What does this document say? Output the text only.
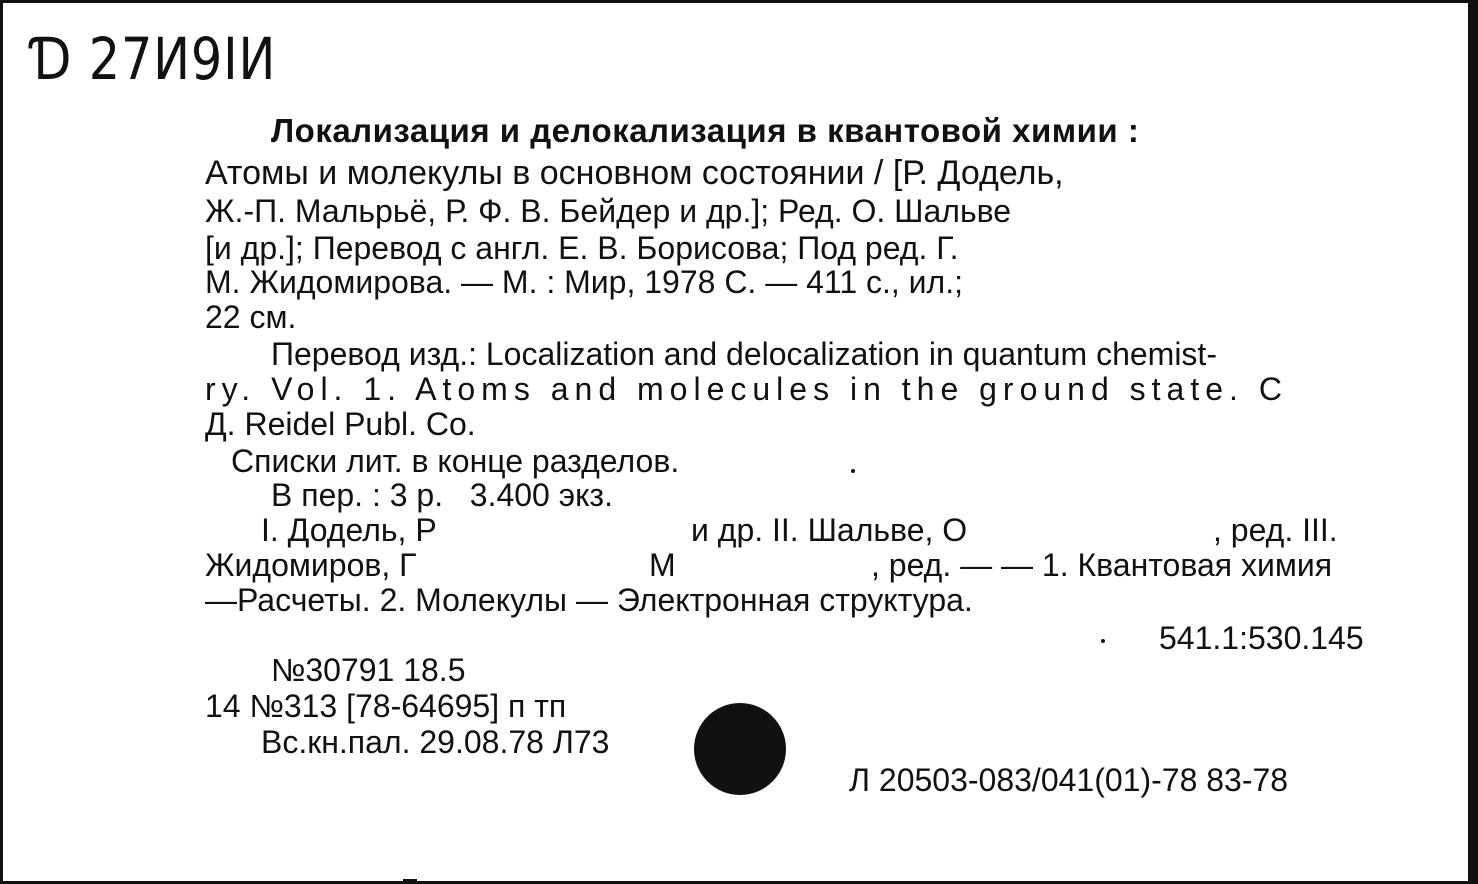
Ɗ 27И9ІИ
Локализация и делокализация в квантовой химии :
Атомы и молекулы в основном состоянии / [Р. Додель,
Ж.-П. Мальрьё, Р. Ф. В. Бейдер и др.]; Ред. О. Шальве
[и др.]; Перевод с англ. Е. В. Борисова; Под ред. Г.
М. Жидомирова. — М. : Мир, 1978 С. — 411 с., ил.;
22 см.
Перевод изд.: Localization and delocalization in quantum chemist-
ry. Vol. 1. Atoms and molecules in the ground state. C
Д. Reidel Publ. Co.
Списки лит. в конце разделов.
В пер. : 3 р.   3.400 экз.
I. Додель, Р	и др. II. Шальве, О	, ред. III.
Жидомиров, Г	М	, ред. — — 1. Квантовая химия
—Расчеты. 2. Молекулы — Электронная структура.
541.1:530.145
№30791 18.5
14 №313 [78-64695] п тп
Вс.кн.пал. 29.08.78 Л73
Л 20503-083/041(01)-78 83-78
